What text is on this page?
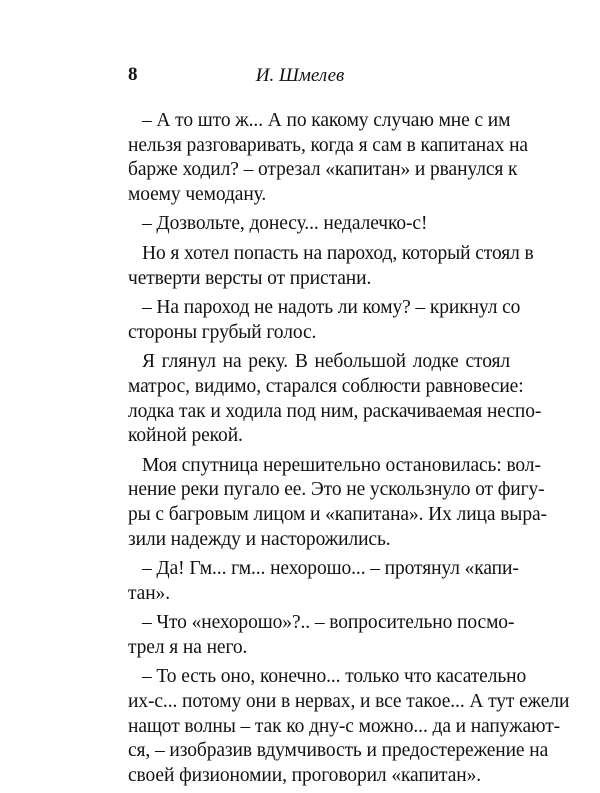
8	И. Шмелев
– А то што ж... А по какому случаю мне с им
нельзя разговаривать, когда я сам в капитанах на
барже ходил? – отрезал «капитан» и рванулся к
моему чемодану.
– Дозвольте, донесу... недалечко-с!
Но я хотел попасть на пароход, который стоял в
четверти версты от пристани.
– На пароход не надоть ли кому? – крикнул со
стороны грубый голос.
Я глянул на реку. В небольшой лодке стоял
матрос, видимо, старался соблюсти равновесие:
лодка так и ходила под ним, раскачиваемая неспо-
койной рекой.
Моя спутница нерешительно остановилась: вол-
нение реки пугало ее. Это не ускользнуло от фигу-
ры с багровым лицом и «капитана». Их лица выра-
зили надежду и насторожились.
– Да! Гм... гм... нехорошо... – протянул «капи-
тан».
– Что «нехорошо»?.. – вопросительно посмо-
трел я на него.
– То есть оно, конечно... только что касательно
их-с... потому они в нервах, и все такое... А тут ежели
нащот волны – так ко дну-с можно... да и напужают-
ся, – изобразив вдумчивость и предостережение на
своей физиономии, проговорил «капитан».
